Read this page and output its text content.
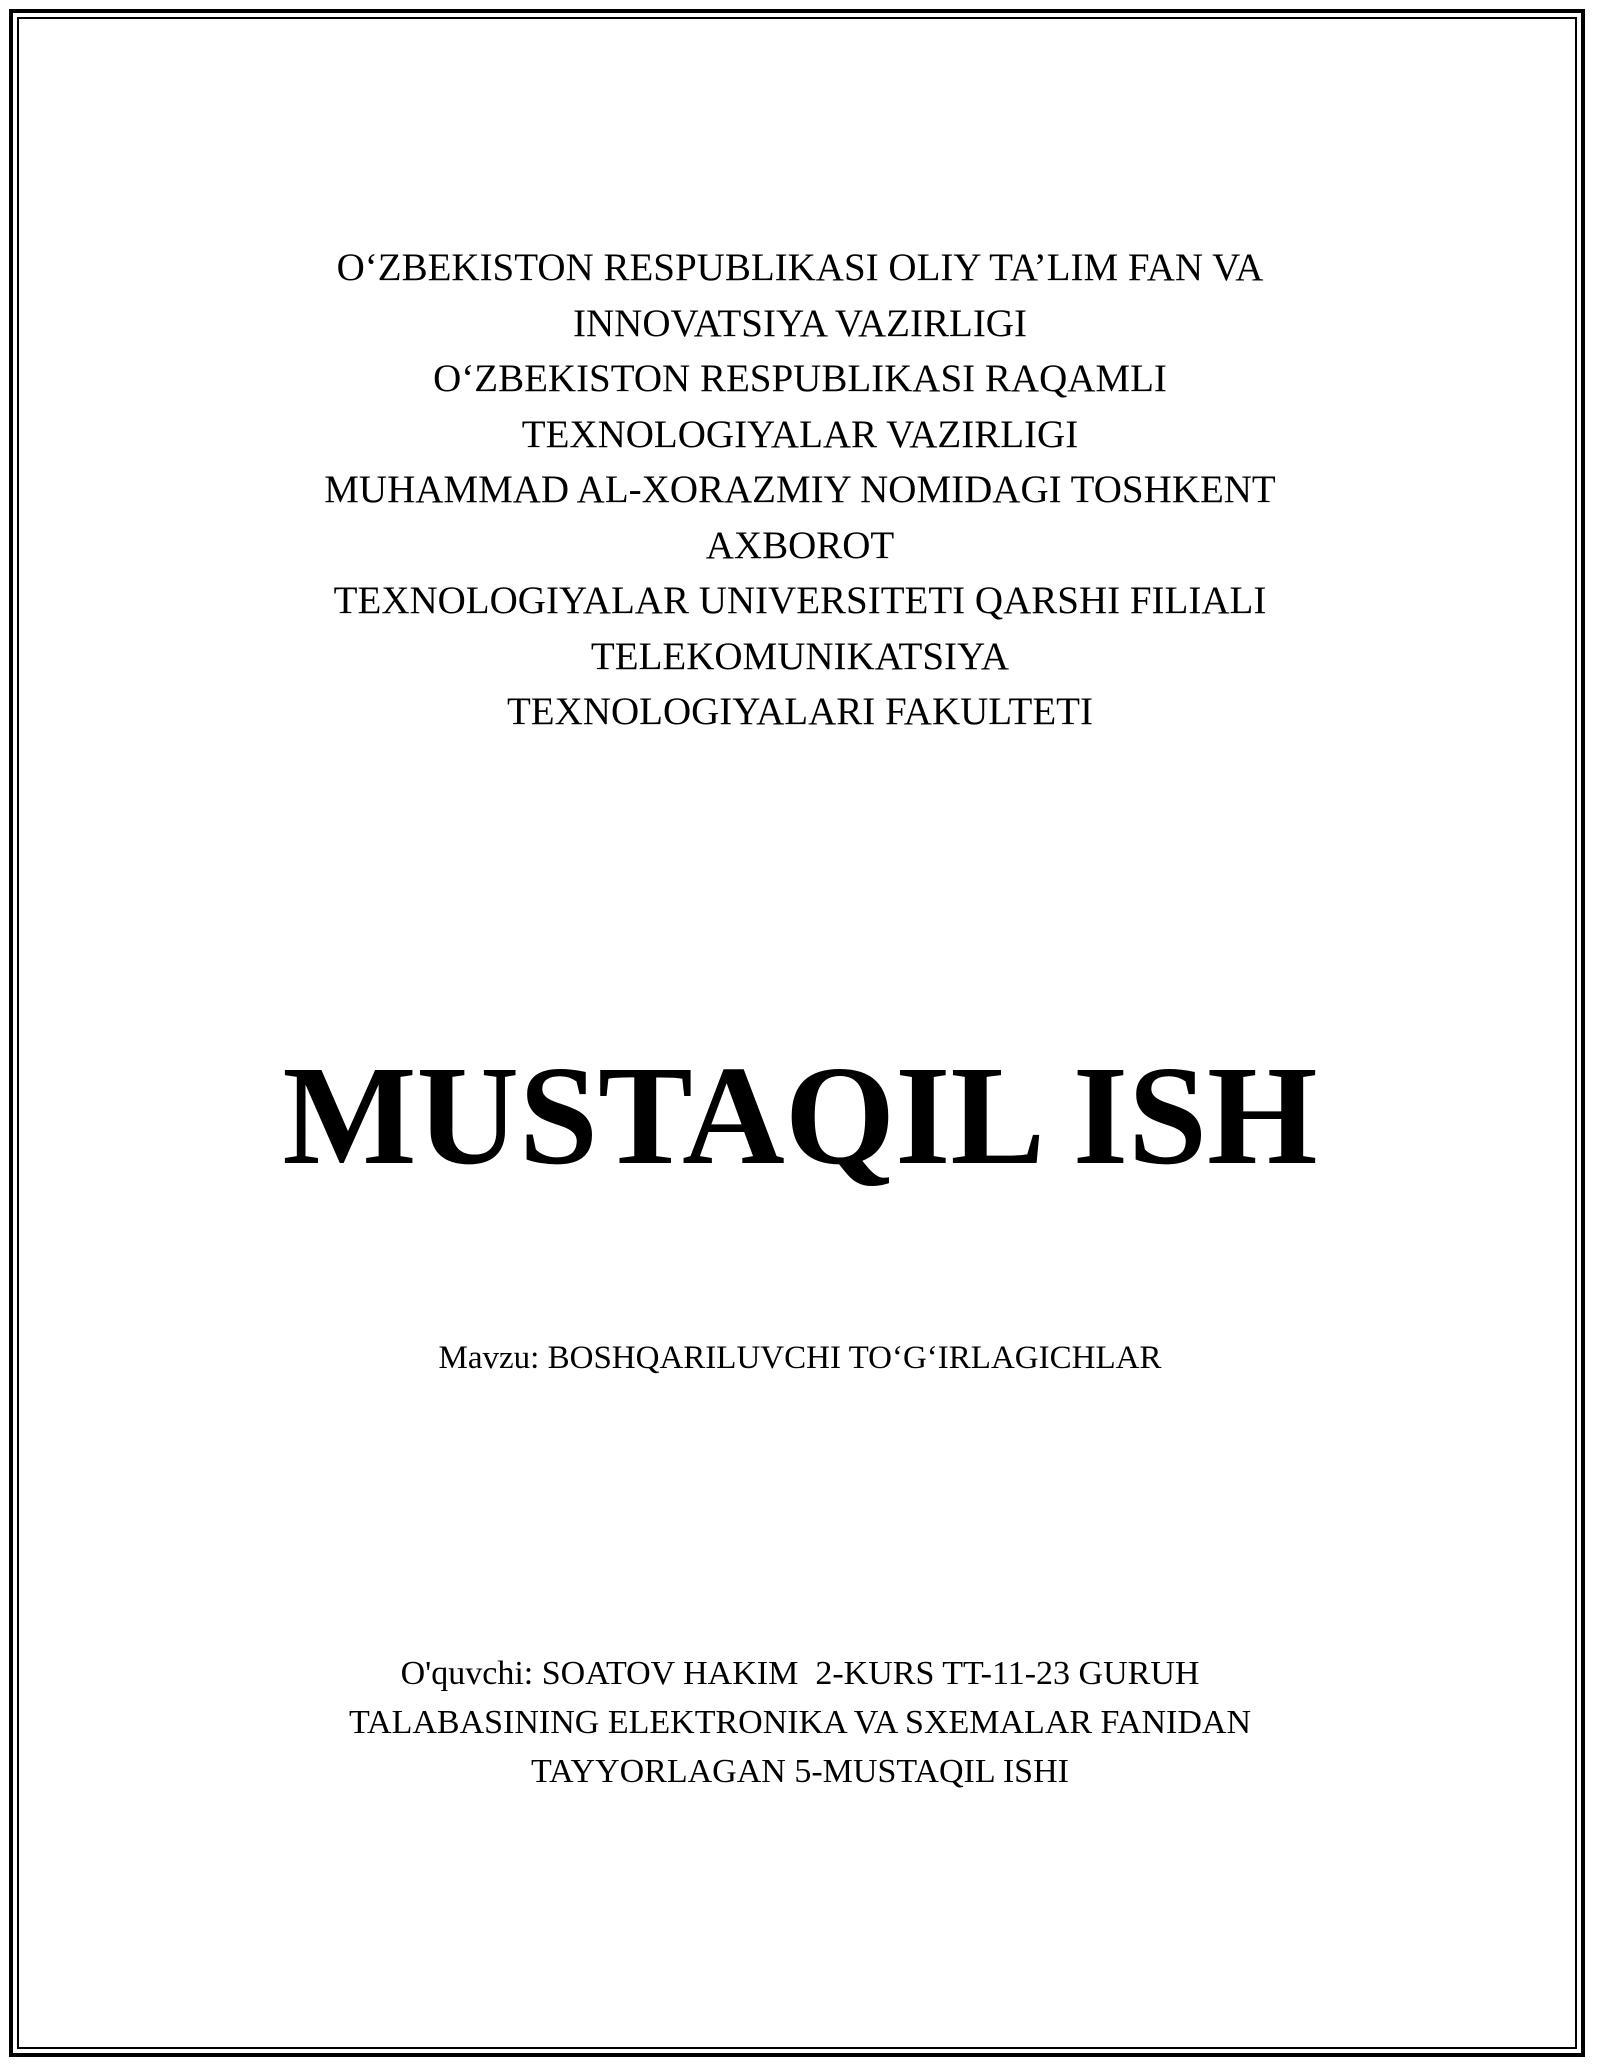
O‘ZBEKISTON RESPUBLIKASI OLIY TA’LIM FAN VA
INNOVATSIYA VAZIRLIGI
O‘ZBEKISTON RESPUBLIKASI RAQAMLI
TEXNOLOGIYALAR VAZIRLIGI
MUHAMMAD AL-XORAZMIY NOMIDAGI TOSHKENT
AXBOROT
TEXNOLOGIYALAR UNIVERSITETI QARSHI FILIALI
TELEKOMUNIKATSIYA
TEXNOLOGIYALARI FAKULTETI
MUSTAQIL ISH
Mavzu: BOSHQARILUVCHI TO‘G‘IRLAGICHLAR
O'quvchi: SOATOV HAKIM  2-KURS TT-11-23 GURUH
TALABASINING ELEKTRONIKA VA SXEMALAR FANIDAN
TAYYORLAGAN 5-MUSTAQIL ISHI
